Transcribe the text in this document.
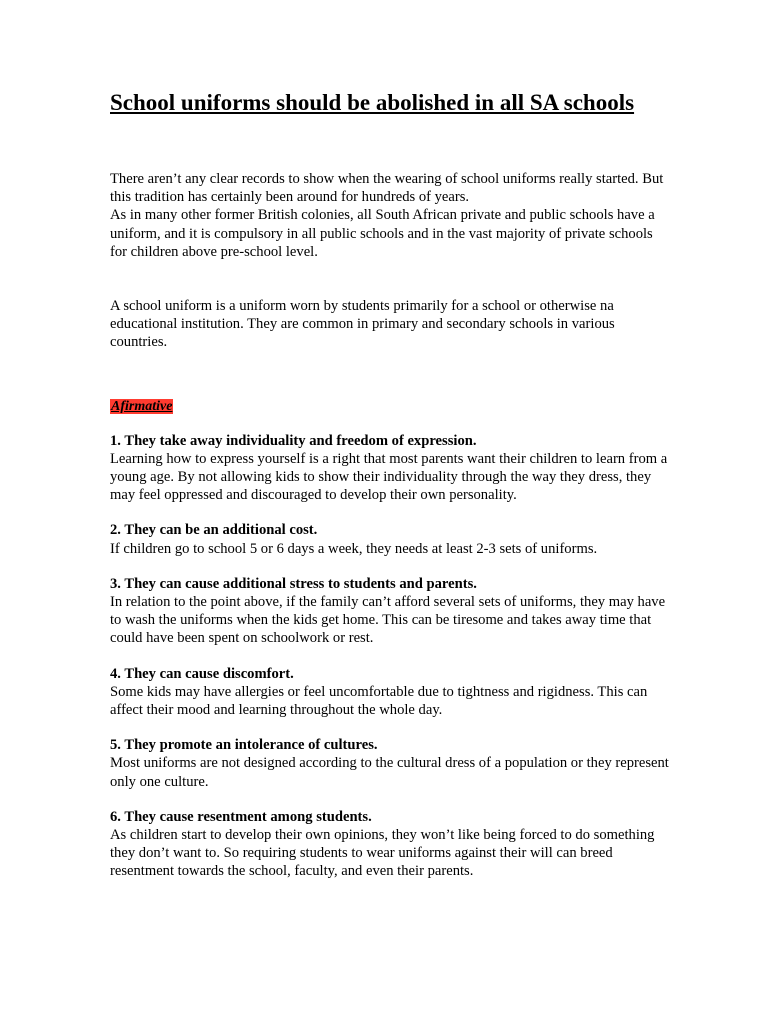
School uniforms should be abolished in all SA schools

There aren’t any clear records to show when the wearing of school uniforms really started. But this tradition has certainly been around for hundreds of years.

As in many other former British colonies, all South African private and public schools have a uniform, and it is compulsory in all public schools and in the vast majority of private schools for children above pre-school level.

A school uniform is a uniform worn by students primarily for a school or otherwise na educational institution. They are common in primary and secondary schools in various countries.

Afirmative

1. They take away individuality and freedom of expression.

Learning how to express yourself is a right that most parents want their children to learn from a young age. By not allowing kids to show their individuality through the way they dress, they may feel oppressed and discouraged to develop their own personality.

2. They can be an additional cost.

If children go to school 5 or 6 days a week, they needs at least 2-3 sets of uniforms.

3. They can cause additional stress to students and parents.

In relation to the point above, if the family can’t afford several sets of uniforms, they may have to wash the uniforms when the kids get home. This can be tiresome and takes away time that could have been spent on schoolwork or rest.

4. They can cause discomfort.

Some kids may have allergies or feel uncomfortable due to tightness and rigidness. This can affect their mood and learning throughout the whole day.

5. They promote an intolerance of cultures.

Most uniforms are not designed according to the cultural dress of a population or they represent only one culture.

6. They cause resentment among students.

As children start to develop their own opinions, they won’t like being forced to do something they don’t want to. So requiring students to wear uniforms against their will can breed resentment towards the school, faculty, and even their parents.
